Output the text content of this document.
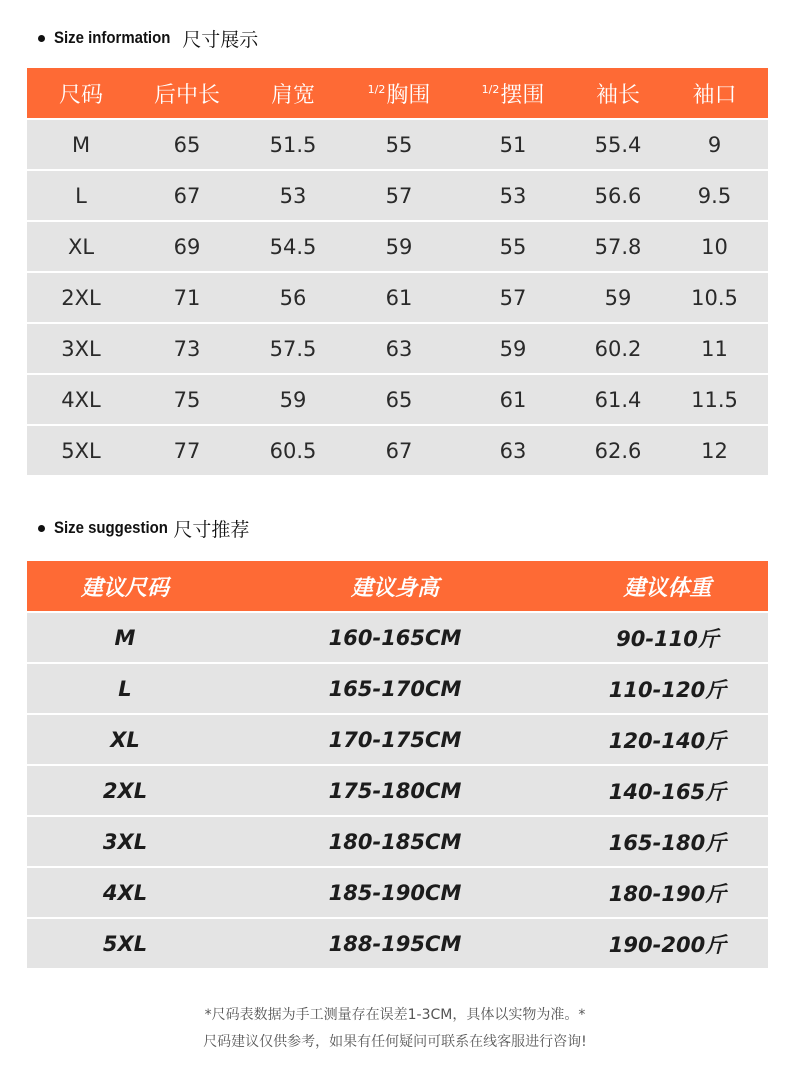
Size information 尺寸展示
尺码	后中长	肩宽	$^{1/2}$胸围	$^{1/2}$摆围	袖长	袖口
M	65	51.5	55	51	55.4	9
L	67	53	57	53	56.6	9.5
XL	69	54.5	59	55	57.8	10
2XL	71	56	61	57	59	10.5
3XL	73	57.5	63	59	60.2	11
4XL	75	59	65	61	61.4	11.5
5XL	77	60.5	67	63	62.6	12
Size suggestion 尺寸推荐
建议尺码	建议身高	建议体重
M	160-165CM	90-110斤
L	165-170CM	110-120斤
XL	170-175CM	120-140斤
2XL	175-180CM	140-165斤
3XL	180-185CM	165-180斤
4XL	185-190CM	180-190斤
5XL	188-195CM	190-200斤
*尺码表数据为手工测量存在误差1-3CM，具体以实物为准。*
尺码建议仅供参考，如果有任何疑问可联系在线客服进行咨询!
